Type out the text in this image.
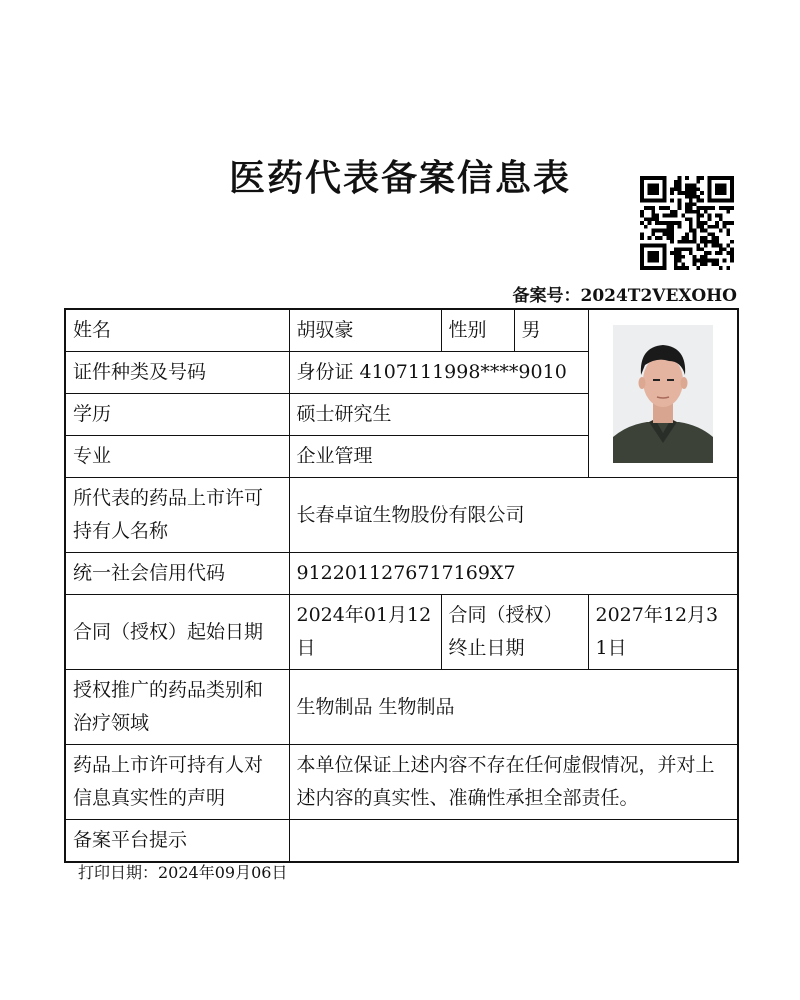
医药代表备案信息表
备案号：2024T2VEXOHO
姓名	胡驭豪	性别	男	

证件种类及号码	身份证 4107111998****9010			
学历	硕士研究生			
专业	企业管理			
所代表的药品上市许可持有人名称	长春卓谊生物股份有限公司			
统一社会信用代码	9122011276717169X7			
合同（授权）起始日期	2024年01月12日	合同（授权）终止日期		2027年12月31日
授权推广的药品类别和治疗领域	生物制品 生物制品			
药品上市许可持有人对信息真实性的声明	本单位保证上述内容不存在任何虚假情况，并对上述内容的真实性、准确性承担全部责任。			
备案平台提示				
打印日期：2024年09月06日
